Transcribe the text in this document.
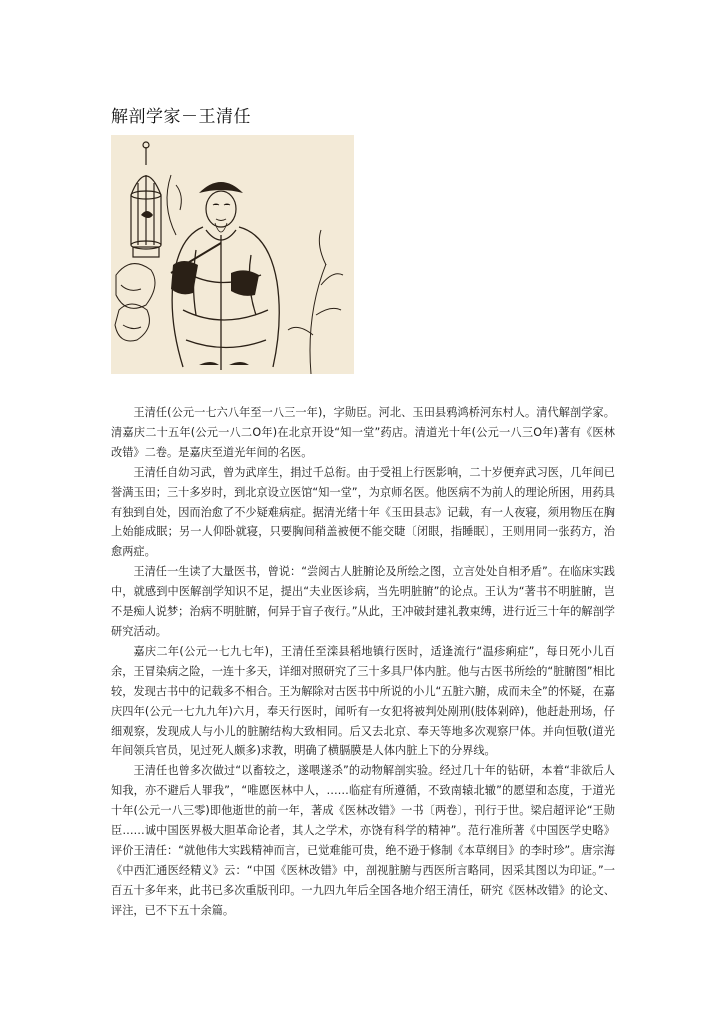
解剖学家－王清任

王清任(公元一七六八年至一八三一年)，字勋臣。河北、玉田县鸦鸿桥河东村人。清代解剖学家。清嘉庆二十五年(公元一八二O年)在北京开设“知一堂”药店。清道光十年(公元一八三O年)著有《医林改错》二卷。是嘉庆至道光年间的名医。

王清任自幼习武，曾为武庠生，捐过千总衔。由于受祖上行医影响，二十岁便弃武习医，几年间已誉满玉田；三十多岁时，到北京设立医馆“知一堂”，为京师名医。他医病不为前人的理论所困，用药具有独到自处，因而治愈了不少疑难病症。据清光绪十年《玉田县志》记载，有一人夜寝，须用物压在胸上始能成眠；另一人仰卧就寝，只要胸间稍盖被便不能交睫〔闭眼，指睡眠〕，王则用同一张药方，治愈两症。

王清任一生读了大量医书，曾说：“尝阅古人脏腑论及所绘之图，立言处处自相矛盾”。在临床实践中，就感到中医解剖学知识不足，提出“夫业医诊病，当先明脏腑”的论点。王认为“著书不明脏腑，岂不是痴人说梦；治病不明脏腑，何异于盲子夜行。”从此，王冲破封建礼教束缚，进行近三十年的解剖学研究活动。

嘉庆二年(公元一七九七年)，王清任至滦县稻地镇行医时，适逢流行“温疹痢症”，每日死小儿百余，王冒染病之险，一连十多天，详细对照研究了三十多具尸体内脏。他与古医书所绘的“脏腑图”相比较，发现古书中的记载多不相合。王为解除对古医书中所说的小儿“五脏六腑，成而未全”的怀疑，在嘉庆四年(公元一七九九年)六月，奉天行医时，闻听有一女犯将被判处剐刑(肢体剁碎)，他赶赴刑场，仔细观察，发现成人与小儿的脏腑结构大致相同。后又去北京、奉天等地多次观察尸体。并向恒敬(道光年间领兵官员，见过死人颇多)求教，明确了横膈膜是人体内脏上下的分界线。

王清任也曾多次做过“以畜较之，遂喂遂杀”的动物解剖实验。经过几十年的钻研，本着“非欲后人知我，亦不避后人罪我”，“唯愿医林中人，……临症有所遵循，不致南辕北辙”的愿望和态度，于道光十年(公元一八三零)即他逝世的前一年，著成《医林改错》一书〔两卷〕，刊行于世。梁启超评论“王勋臣……诚中国医界极大胆革命论者，其人之学术，亦饶有科学的精神”。范行准所著《中国医学史略》评价王清任：“就他伟大实践精神而言，已觉难能可贵，绝不逊于修制《本草纲目》的李时珍”。唐宗海《中西汇通医经精义》云：“中国《医林改错》中，剖视脏腑与西医所言略同，因采其图以为印证。”一百五十多年来，此书已多次重版刊印。一九四九年后全国各地介绍王清任，研究《医林改错》的论文、评注，已不下五十余篇。
